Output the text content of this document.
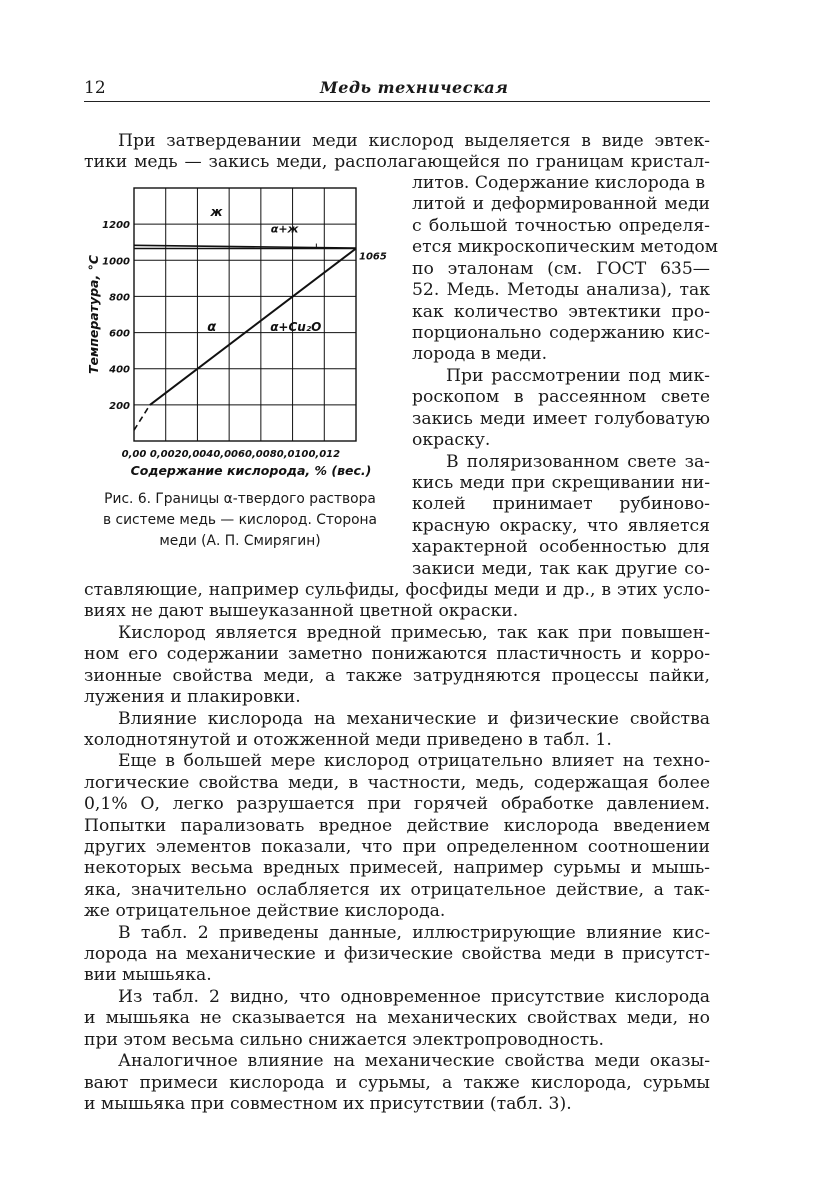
12	Медь техническая
При затвердевании меди кислород выделяется в виде эвтек-
тики медь — закись меди, располагающейся по границам кристал-
0,00 0,002 0,004 0,006 0,008 0,010 0,012
200
400
600
800
1000
1200
ж
α+ж
α	α+Cu₂O
1065
Содержание кислорода, % (вес.)
Температура, °C
Рис. 6. Границы α-твердого раствора
в системе медь — кислород. Сторона
меди (А. П. Смирягин)
литов. Содержание кислорода в
литой и деформированной меди
с большой точностью определя-
ется микроскопическим методом
по эталонам (см. ГОСТ 635—
52. Медь. Методы анализа), так
как количество эвтектики про-
порционально содержанию кис-
лорода в меди.
При рассмотрении под мик-
роскопом в рассеянном свете
закись меди имеет голубоватую
окраску.
В поляризованном свете за-
кись меди при скрещивании ни-
колей принимает рубиново-
красную окраску, что является
характерной особенностью для
закиси меди, так как другие со-
ставляющие, например сульфиды, фосфиды меди и др., в этих усло-
виях не дают вышеуказанной цветной окраски.
Кислород является вредной примесью, так как при повышен-
ном его содержании заметно понижаются пластичность и корро-
зионные свойства меди, а также затрудняются процессы пайки,
лужения и плакировки.
Влияние кислорода на механические и физические свойства
холоднотянутой и отожженной меди приведено в табл. 1.
Еще в большей мере кислород отрицательно влияет на техно-
логические свойства меди, в частности, медь, содержащая более
0,1% О, легко разрушается при горячей обработке давлением.
Попытки парализовать вредное действие кислорода введением
других элементов показали, что при определенном соотношении
некоторых весьма вредных примесей, например сурьмы и мышь-
яка, значительно ослабляется их отрицательное действие, а так-
же отрицательное действие кислорода.
В табл. 2 приведены данные, иллюстрирующие влияние кис-
лорода на механические и физические свойства меди в присутст-
вии мышьяка.
Из табл. 2 видно, что одновременное присутствие кислорода
и мышьяка не сказывается на механических свойствах меди, но
при этом весьма сильно снижается электропроводность.
Аналогичное влияние на механические свойства меди оказы-
вают примеси кислорода и сурьмы, а также кислорода, сурьмы
и мышьяка при совместном их присутствии (табл. 3).
